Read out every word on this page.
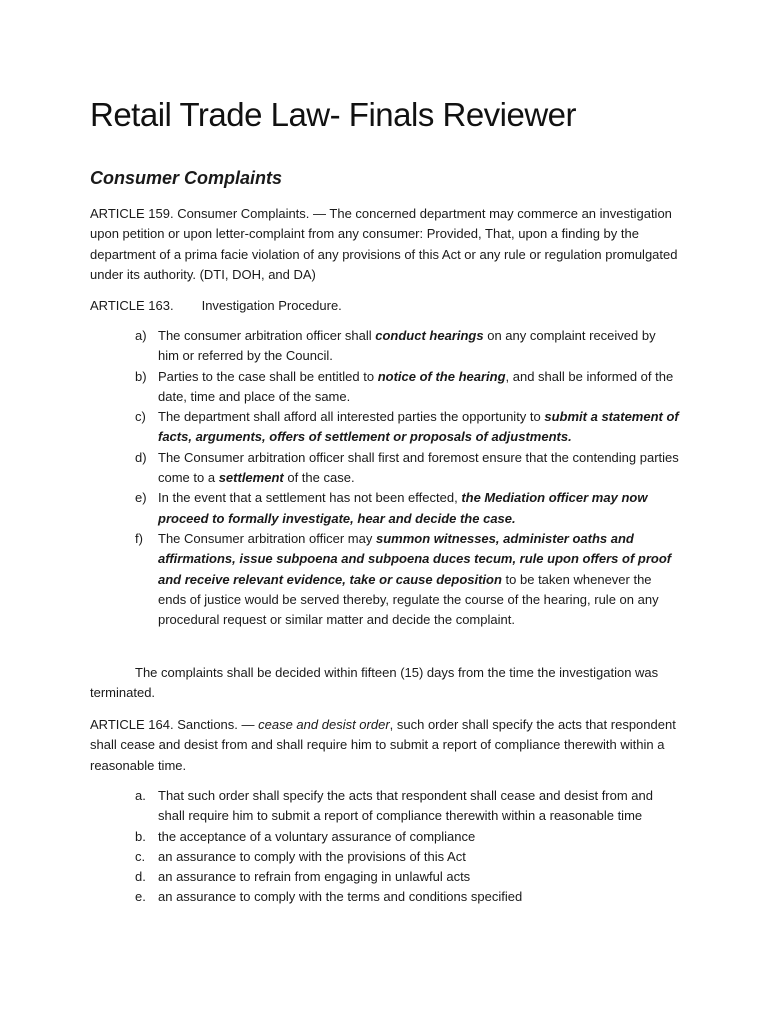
Retail Trade Law- Finals Reviewer
Consumer Complaints

ARTICLE 159. Consumer Complaints. — The concerned department may commerce an investigation upon petition or upon letter-complaint from any consumer: Provided, That, upon a finding by the department of a prima facie violation of any provisions of this Act or any rule or regulation promulgated under its authority. (DTI, DOH, and DA)

ARTICLE 163. Investigation Procedure.

a) The consumer arbitration officer shall conduct hearings on any complaint received by him or referred by the Council.
b) Parties to the case shall be entitled to notice of the hearing, and shall be informed of the date, time and place of the same.
c) The department shall afford all interested parties the opportunity to submit a statement of facts, arguments, offers of settlement or proposals of adjustments.
d) The Consumer arbitration officer shall first and foremost ensure that the contending parties come to a settlement of the case.
e) In the event that a settlement has not been effected, the Mediation officer may now proceed to formally investigate, hear and decide the case.
f) The Consumer arbitration officer may summon witnesses, administer oaths and affirmations, issue subpoena and subpoena duces tecum, rule upon offers of proof and receive relevant evidence, take or cause deposition to be taken whenever the ends of justice would be served thereby, regulate the course of the hearing, rule on any procedural request or similar matter and decide the complaint.

The complaints shall be decided within fifteen (15) days from the time the investigation was terminated.

ARTICLE 164. Sanctions. — cease and desist order, such order shall specify the acts that respondent shall cease and desist from and shall require him to submit a report of compliance therewith within a reasonable time.

a. That such order shall specify the acts that respondent shall cease and desist from and shall require him to submit a report of compliance therewith within a reasonable time
b. the acceptance of a voluntary assurance of compliance
c. an assurance to comply with the provisions of this Act
d. an assurance to refrain from engaging in unlawful acts
e. an assurance to comply with the terms and conditions specified
